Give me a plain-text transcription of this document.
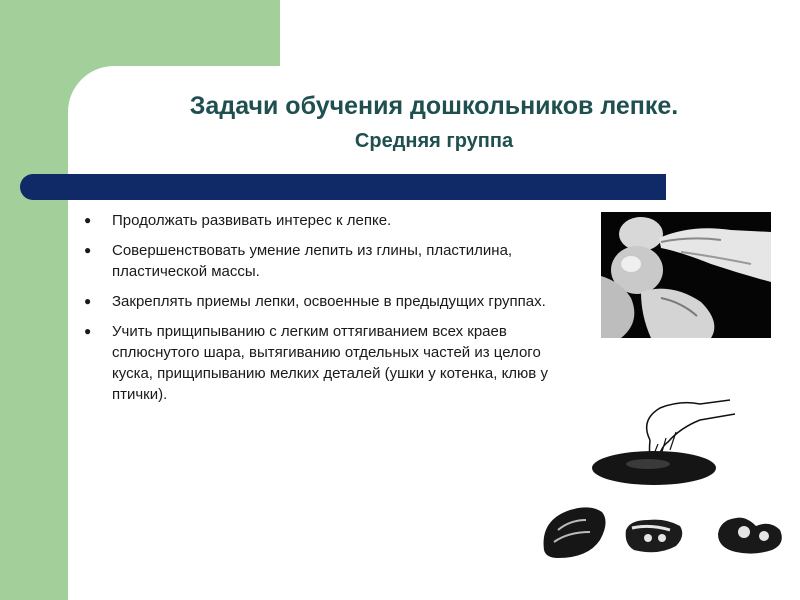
Задачи обучения дошкольников лепке.
Средняя группа
● Продолжать развивать интерес к лепке.
● Совершенствовать умение лепить из глины, пластилина, пластической массы.
● Закреплять приемы лепки, освоенные в предыдущих группах.
● Учить прищипыванию с легким оттягиванием всех краев сплюснутого шара, вытягиванию отдельных частей из целого куска, прищипыванию мелких деталей (ушки у котенка, клюв у птички).
